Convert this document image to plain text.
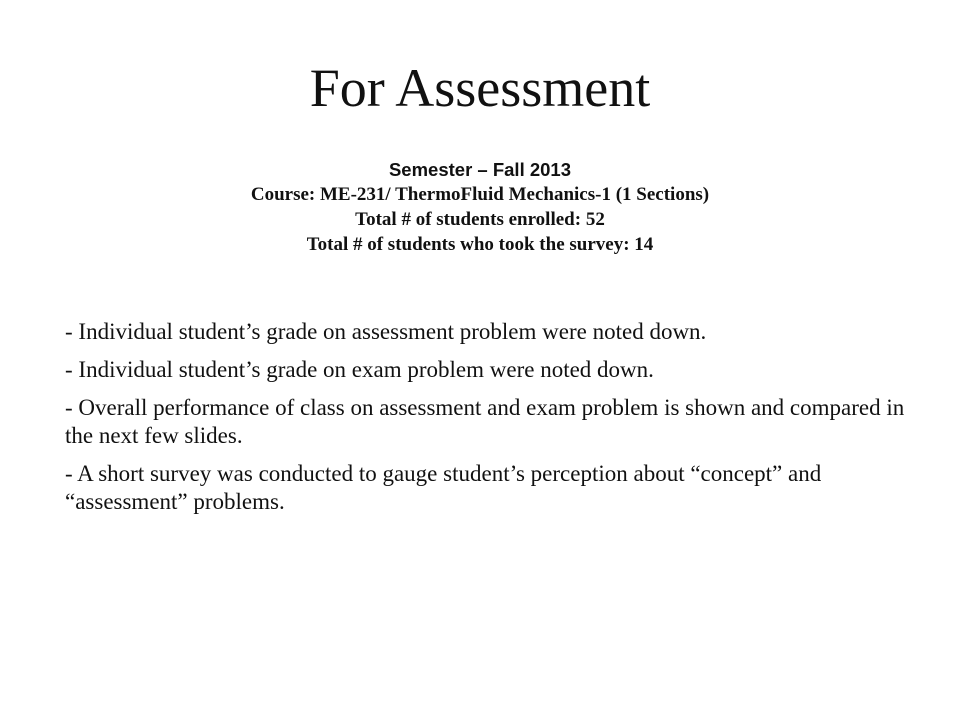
For Assessment
Semester – Fall 2013
Course: ME-231/ ThermoFluid Mechanics-1 (1 Sections)
Total # of students enrolled: 52
Total # of students who took the survey: 14
- Individual student’s grade on assessment problem were noted down.
- Individual student’s grade on exam problem were noted down.
- Overall performance of class on assessment and exam problem is shown and compared in the next few slides.
- A short survey was conducted to gauge student’s perception about “concept” and “assessment” problems.
